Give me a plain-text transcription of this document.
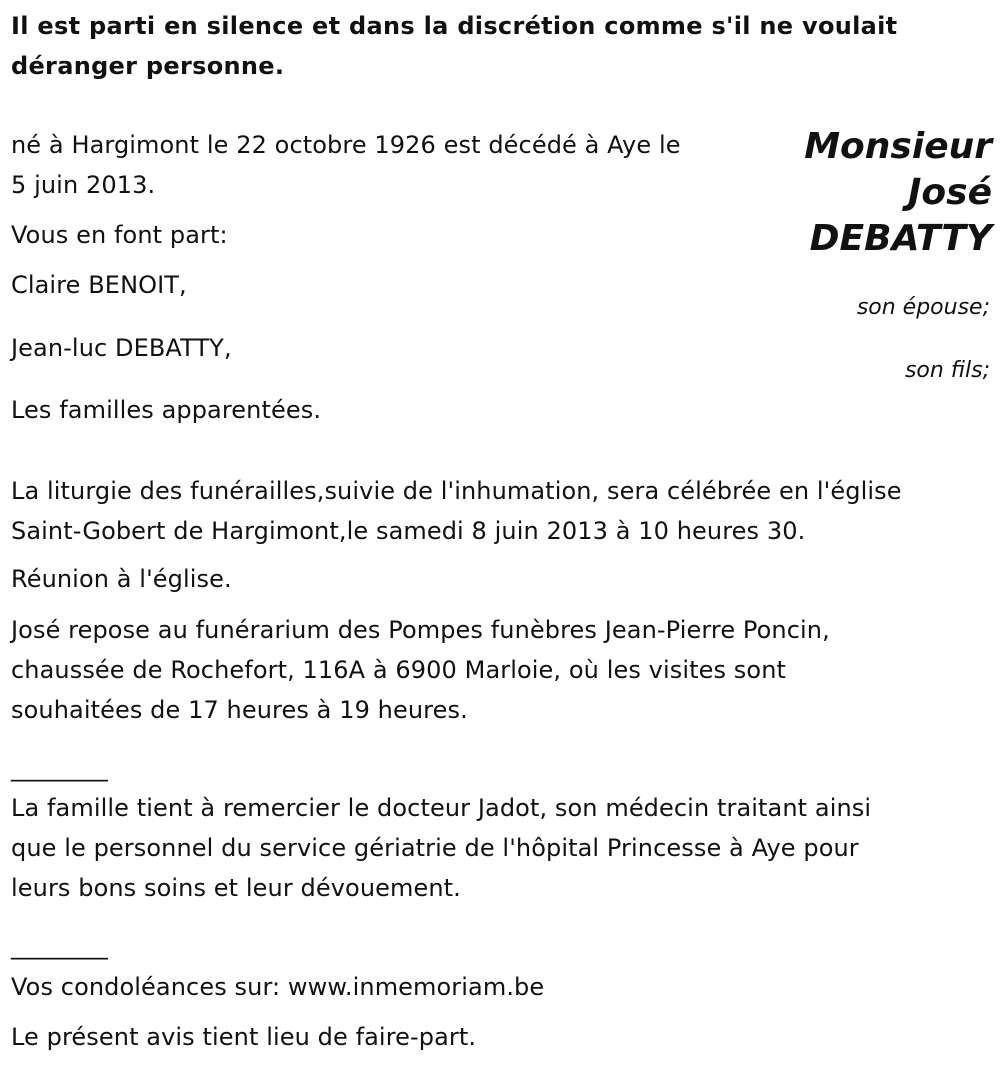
Il est parti en silence et dans la discrétion comme s'il ne voulait déranger personne.
Monsieur
José
DEBATTY
né à Hargimont le 22 octobre 1926 est décédé à Aye le
5 juin 2013.
Vous en font part:
Claire BENOIT,
son épouse;
Jean-luc DEBATTY,
son fils;
Les familles apparentées.
La liturgie des funérailles,suivie de l'inhumation, sera célébrée en l'église
Saint-Gobert de Hargimont,le samedi 8 juin 2013 à 10 heures 30.
Réunion à l'église.
José repose au funérarium des Pompes funèbres Jean-Pierre Poncin,
chaussée de Rochefort, 116A à 6900 Marloie, où les visites sont
souhaitées de 17 heures à 19 heures.
________
La famille tient à remercier le docteur Jadot, son médecin traitant ainsi
que le personnel du service gériatrie de l'hôpital Princesse à Aye pour
leurs bons soins et leur dévouement.
________
Vos condoléances sur: www.inmemoriam.be
Le présent avis tient lieu de faire-part.
